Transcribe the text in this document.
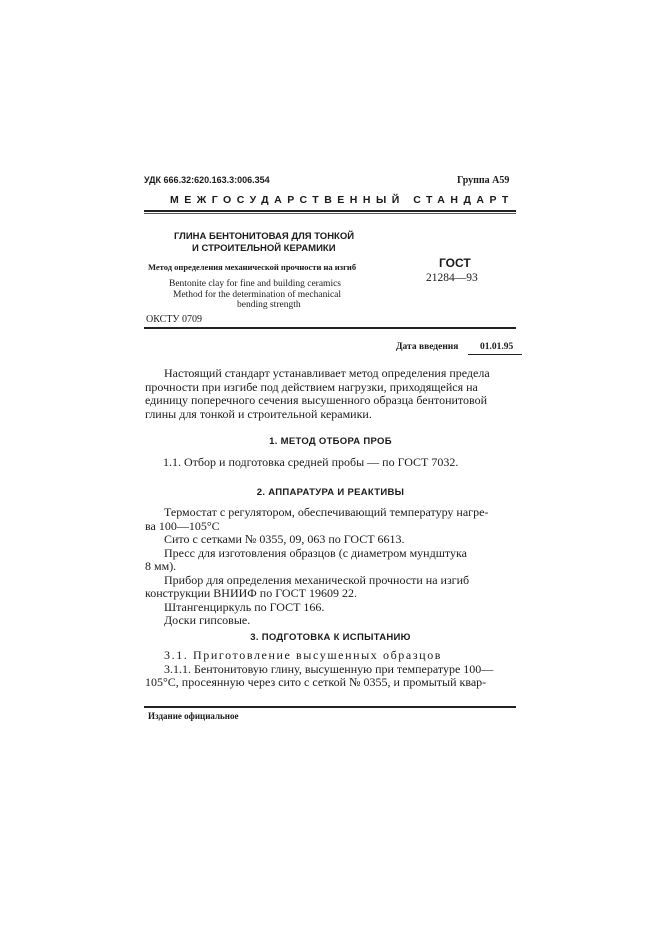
УДК 666.32:620.163.3:006.354	Группа А59
МЕЖГОСУДАРСТВЕННЫЙ СТАНДАРТ
ГЛИНА БЕНТОНИТОВАЯ ДЛЯ ТОНКОЙ
И СТРОИТЕЛЬНОЙ КЕРАМИКИ
Метод определения механической прочности на изгиб
Bentonite clay for fine and building ceramics
Method for the determination of mechanical
bending strength
ГОСТ
21284—93
ОКСТУ 0709
Дата введения 01.01.95
Настоящий стандарт устанавливает метод определения предела
прочности при изгибе под действием нагрузки, приходящейся на
единицу поперечного сечения высушенного образца бентонитовой
глины для тонкой и строительной керамики.
1. МЕТОД ОТБОРА ПРОБ
1.1. Отбор и подготовка средней пробы — по ГОСТ 7032.
2. АППАРАТУРА И РЕАКТИВЫ
Термостат с регулятором, обеспечивающий температуру нагре-
ва 100—105°С
Сито с сетками № 0355, 09, 063 по ГОСТ 6613.
Пресс для изготовления образцов (с диаметром мундштука
8 мм).
Прибор для определения механической прочности на изгиб
конструкции ВНИИФ по ГОСТ 19609 22.
Штангенциркуль по ГОСТ 166.
Доски гипсовые.
3. ПОДГОТОВКА К ИСПЫТАНИЮ
3.1. Приготовление высушенных образцов
3.1.1. Бентонитовую глину, высушенную при температуре 100—
105°С, просеянную через сито с сеткой № 0355, и промытый квар-
Издание официальное
